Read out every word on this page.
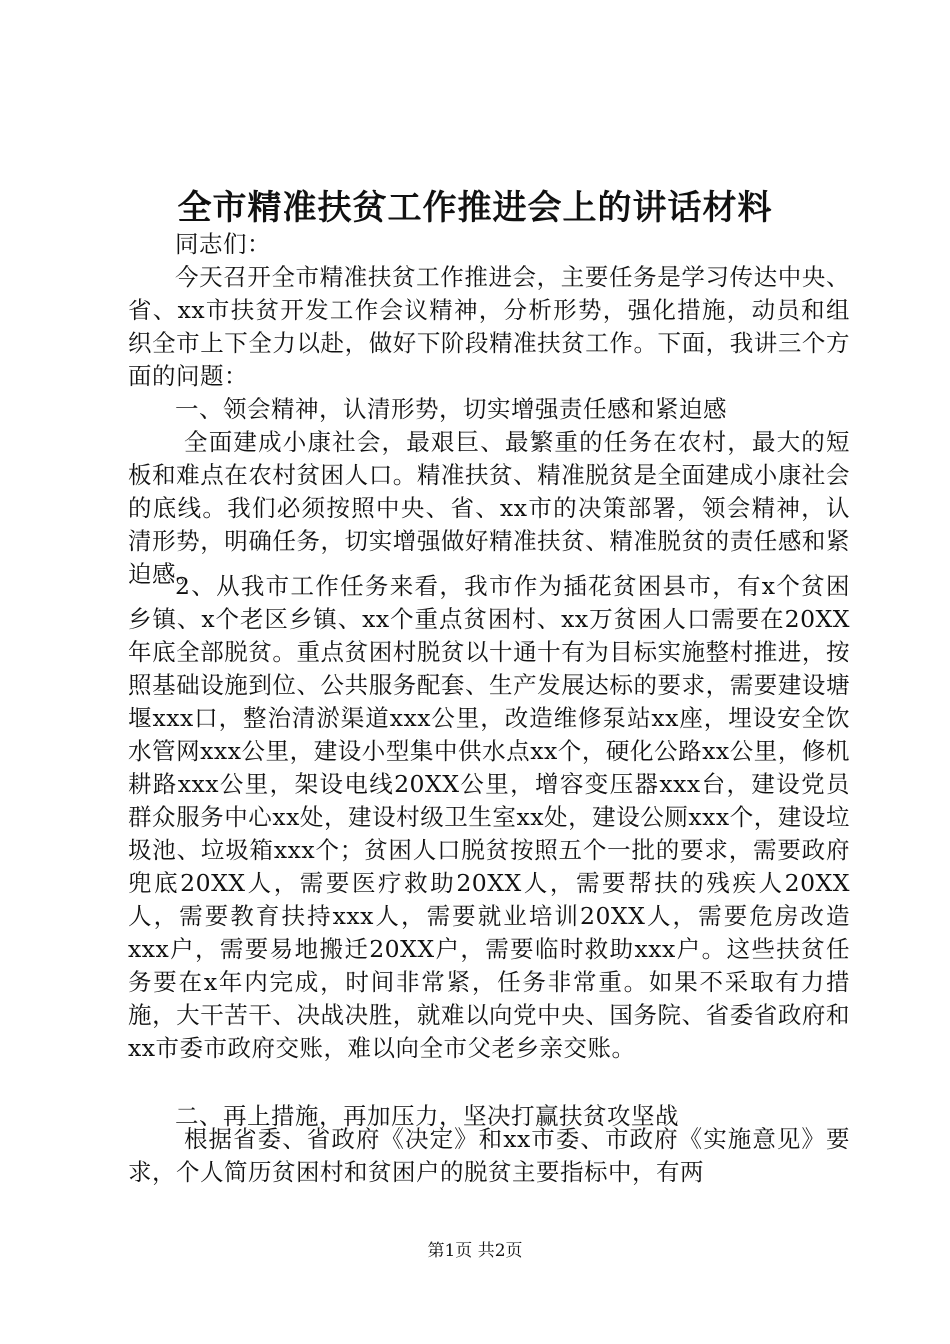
全市精准扶贫工作推进会上的讲话材料

同志们：

今天召开全市精准扶贫工作推进会，主要任务是学习传达中央、省、xx市扶贫开发工作会议精神，分析形势，强化措施，动员和组织全市上下全力以赴，做好下阶段精准扶贫工作。下面，我讲三个方面的问题：

一、领会精神，认清形势，切实增强责任感和紧迫感

全面建成小康社会，最艰巨、最繁重的任务在农村，最大的短板和难点在农村贫困人口。精准扶贫、精准脱贫是全面建成小康社会的底线。我们必须按照中央、省、xx市的决策部署，领会精神，认清形势，明确任务，切实增强做好精准扶贫、精准脱贫的责任感和紧迫感。

2、从我市工作任务来看，我市作为插花贫困县市，有x个贫困乡镇、x个老区乡镇、xx个重点贫困村、xx万贫困人口需要在20XX年底全部脱贫。重点贫困村脱贫以十通十有为目标实施整村推进，按照基础设施到位、公共服务配套、生产发展达标的要求，需要建设塘堰xxx口，整治清淤渠道xxx公里，改造维修泵站xx座，埋设安全饮水管网xxx公里，建设小型集中供水点xx个，硬化公路xx公里，修机耕路xxx公里，架设电线20XX公里，增容变压器xxx台，建设党员群众服务中心xx处，建设村级卫生室xx处，建设公厕xxx个，建设垃圾池、垃圾箱xxx个；贫困人口脱贫按照五个一批的要求，需要政府兜底20XX人，需要医疗救助20XX人，需要帮扶的残疾人20XX人，需要教育扶持xxx人，需要就业培训20XX人，需要危房改造xxx户，需要易地搬迁20XX户，需要临时救助xxx户。这些扶贫任务要在x年内完成，时间非常紧，任务非常重。如果不采取有力措施，大干苦干、决战决胜，就难以向党中央、国务院、省委省政府和xx市委市政府交账，难以向全市父老乡亲交账。

二、再上措施，再加压力，坚决打赢扶贫攻坚战

根据省委、省政府《决定》和xx市委、市政府《实施意见》要求，个人简历贫困村和贫困户的脱贫主要指标中，有两

第1页 共2页
